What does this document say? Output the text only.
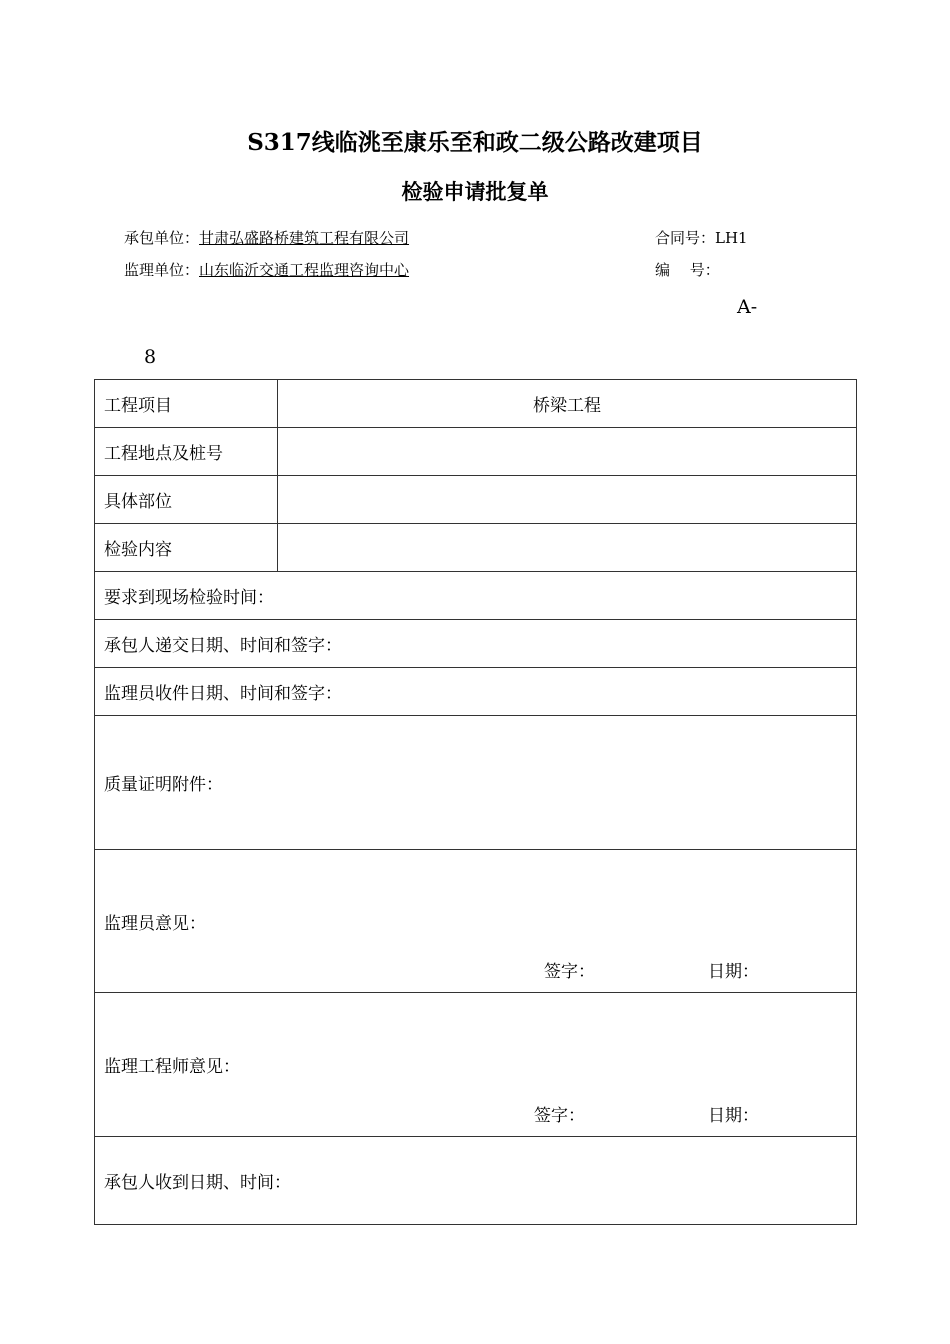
S317线临洮至康乐至和政二级公路改建项目
检验申请批复单
承包单位：甘肃弘盛路桥建筑工程有限公司	合同号：LH1
监理单位：山东临沂交通工程监理咨询中心	编　 号：
A-
8
工程项目	桥梁工程
工程地点及桩号	
具体部位	
检验内容	
要求到现场检验时间：	
承包人递交日期、时间和签字：	
监理员收件日期、时间和签字：	
质量证明附件：	
监理员意见：
签字： 日期：	

监理工程师意见：
签字： 日期：	

承包人收到日期、时间：	
